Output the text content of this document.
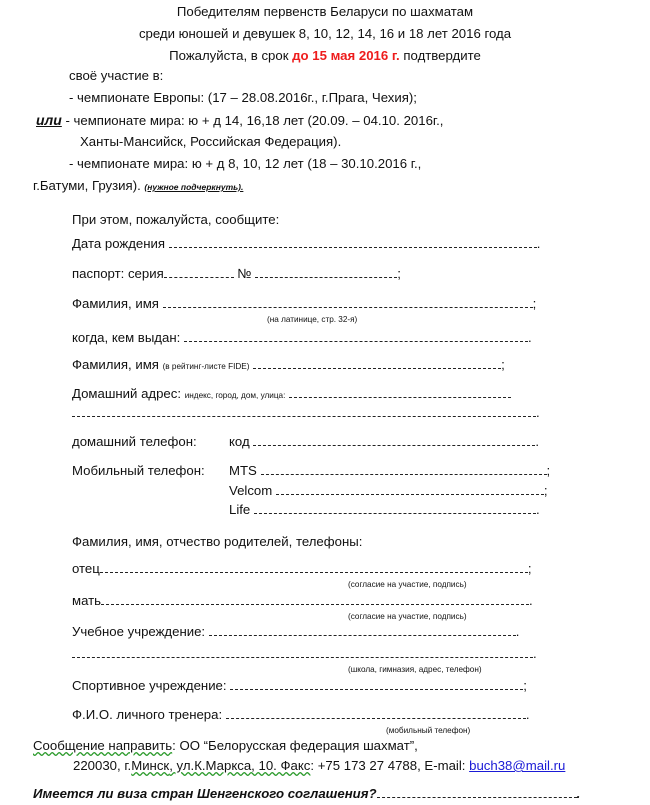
Победителям первенств Беларуси по шахматам
среди юношей и девушек 8, 10, 12, 14, 16 и 18 лет 2016 года
Пожалуйста, в срок до 15 мая 2016 г. подтвердите
своё участие в:
- чемпионате Европы: (17 – 28.08.2016г., г.Прага, Чехия);
или - чемпионате мира: ю + д 14, 16,18 лет (20.09. – 04.10. 2016г.,
Ханты-Мансийск, Российская Федерация).
- чемпионате мира: ю + д 8, 10, 12 лет (18 – 30.10.2016 г.,
г.Батуми, Грузия). (нужное подчеркнуть).
При этом, пожалуйста, сообщите:
Дата рождения	.
паспорт: серия	№	;
Фамилия, имя	;
(на латинице, стр. 32-я)
когда, кем выдан:	.
Фамилия, имя (в рейтинг-листе FIDE)	;
Домашний адрес: индекс, город, дом, улица:
.
домашний телефон: код	.
Мобильный телефон: MTS	;
Velcom	;
Life	.
Фамилия, имя, отчество родителей, телефоны:
отец	;
(согласие на участие, подпись)
мать	.
(согласие на участие, подпись)
Учебное учреждение:	.
.
(школа, гимназия, адрес, телефон)
Спортивное учреждение:	;
Ф.И.О. личного тренера:	.
(мобильный телефон)
Сообщение направить: ОО “Белорусская федерация шахмат”,
220030, г.Минск, ул.К.Маркса, 10. Факс: +75 173 27 4788, E-mail: buch38@mail.ru
Имеется ли виза стран Шенгенского соглашения?	.
